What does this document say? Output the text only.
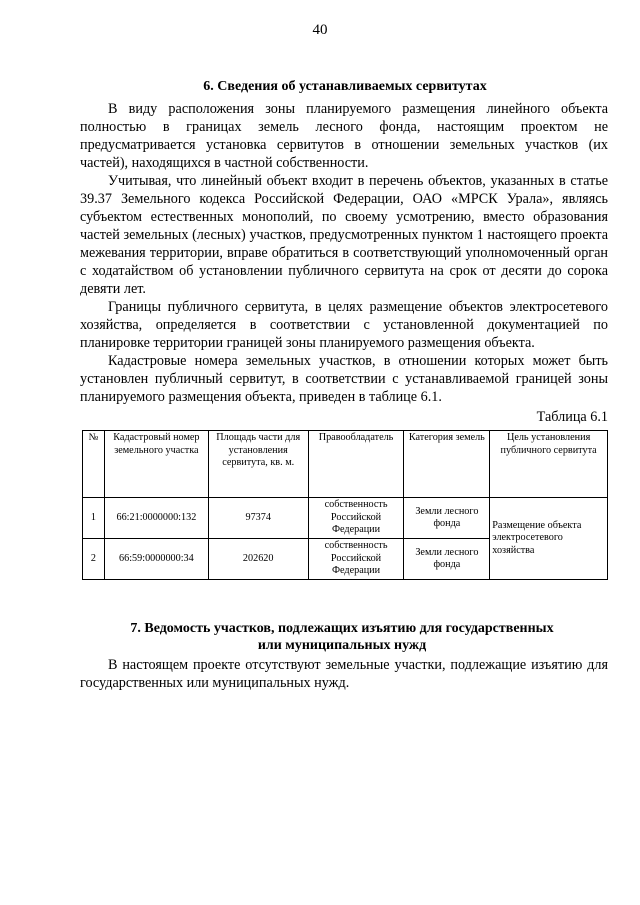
40
6. Сведения об устанавливаемых сервитутах

В виду расположения зоны планируемого размещения линейного объекта полностью в границах земель лесного фонда, настоящим проектом не предусматривается установка сервитутов в отношении земельных участков (их частей), находящихся в частной собственности.

Учитывая, что линейный объект входит в перечень объектов, указанных в статье 39.37 Земельного кодекса Российской Федерации, ОАО «МРСК Урала», являясь субъектом естественных монополий, по своему усмотрению, вместо образования частей земельных (лесных) участков, предусмотренных пунктом 1 настоящего проекта межевания территории, вправе обратиться в соответствующий уполномоченный орган с ходатайством об установлении публичного сервитута на срок от десяти до сорока девяти лет.

Границы публичного сервитута, в целях размещение объектов электросетевого хозяйства, определяется в соответствии с установленной документацией по планировке территории границей зоны планируемого размещения объекта.

Кадастровые номера земельных участков, в отношении которых может быть установлен публичный сервитут, в соответствии с устанавливаемой границей зоны планируемого размещения объекта, приведен в таблице 6.1.

Таблица 6.1
№	Кадастровый номер земельного участка	Площадь части для установления сервитута, кв. м.	Правообладатель	Категория земель	Цель установления публичного сервитута
1	66:21:0000000:132	97374	собственность Российской Федерации	Земли лесного фонда	Размещение объекта электросетевого хозяйства
2	66:59:0000000:34	202620	собственность Российской Федерации	Земли лесного фонда	
7. Ведомость участков, подлежащих изъятию для государственных
или муниципальных нужд

В настоящем проекте отсутствуют земельные участки, подлежащие изъятию для государственных или муниципальных нужд.
